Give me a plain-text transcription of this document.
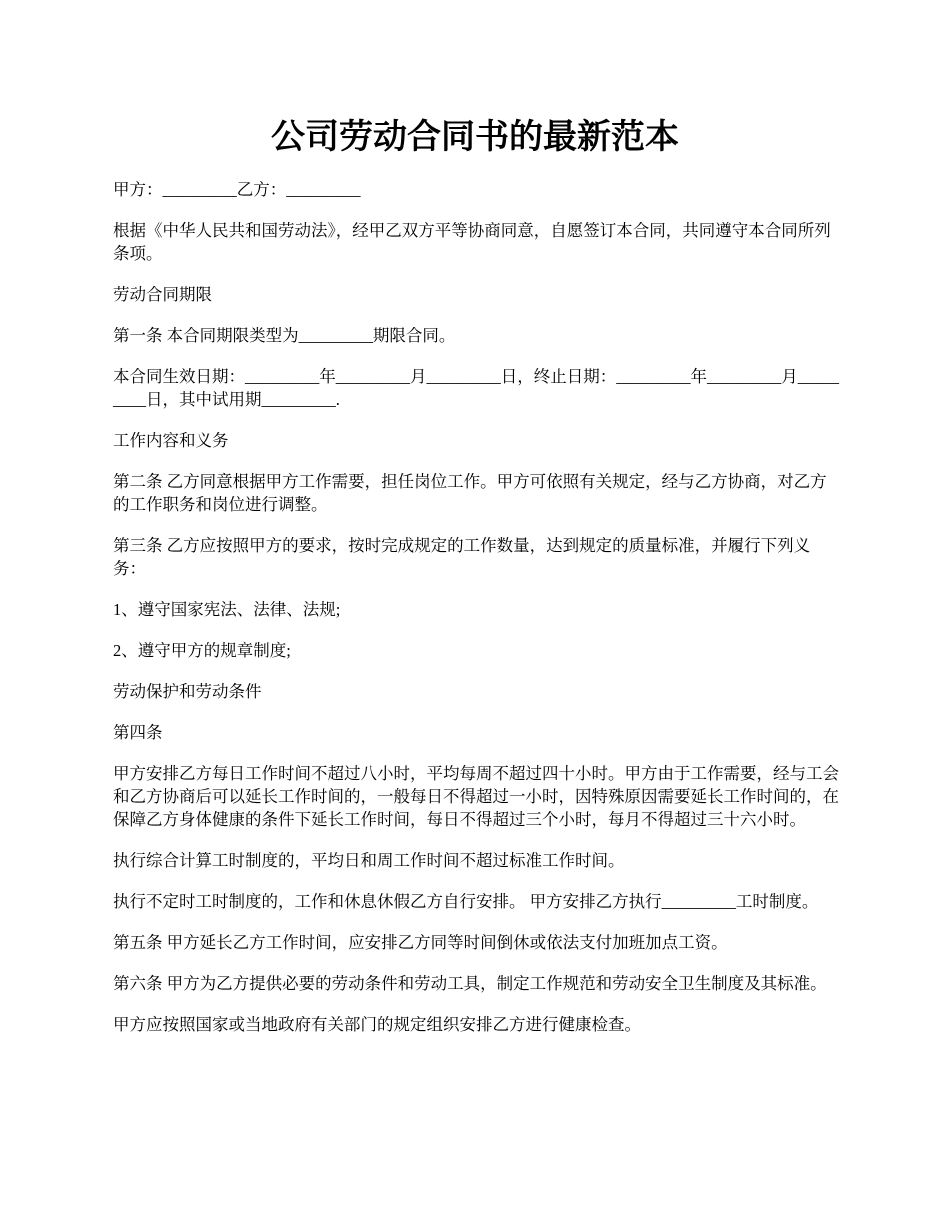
公司劳动合同书的最新范本

甲方：_________乙方：_________

根据《中华人民共和国劳动法》，经甲乙双方平等协商同意，自愿签订本合同，共同遵守本合同所列条项。

劳动合同期限

第一条 本合同期限类型为_________期限合同。

本合同生效日期：_________年_________月_________日，终止日期：_________年_________月_________日，其中试用期_________.

工作内容和义务

第二条 乙方同意根据甲方工作需要，担任岗位工作。甲方可依照有关规定，经与乙方协商，对乙方的工作职务和岗位进行调整。

第三条 乙方应按照甲方的要求，按时完成规定的工作数量，达到规定的质量标准，并履行下列义务：

1、遵守国家宪法、法律、法规;

2、遵守甲方的规章制度;

劳动保护和劳动条件

第四条

甲方安排乙方每日工作时间不超过八小时，平均每周不超过四十小时。甲方由于工作需要，经与工会和乙方协商后可以延长工作时间的，一般每日不得超过一小时，因特殊原因需要延长工作时间的，在保障乙方身体健康的条件下延长工作时间，每日不得超过三个小时，每月不得超过三十六小时。

执行综合计算工时制度的，平均日和周工作时间不超过标准工作时间。

执行不定时工时制度的，工作和休息休假乙方自行安排。 甲方安排乙方执行_________工时制度。

第五条 甲方延长乙方工作时间，应安排乙方同等时间倒休或依法支付加班加点工资。

第六条 甲方为乙方提供必要的劳动条件和劳动工具，制定工作规范和劳动安全卫生制度及其标准。

甲方应按照国家或当地政府有关部门的规定组织安排乙方进行健康检查。
